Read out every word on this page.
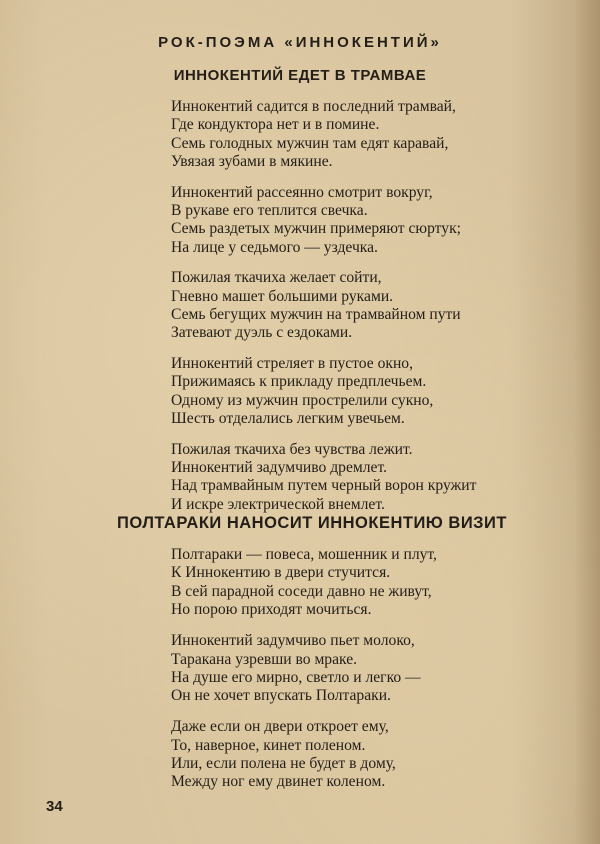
РОК-ПОЭМА «ИННОКЕНТИЙ»
ИННОКЕНТИЙ ЕДЕТ В ТРАМВАЕ
Иннокентий садится в последний трамвай,
Где кондуктора нет и в помине.
Семь голодных мужчин там едят каравай,
Увязая зубами в мякине.
Иннокентий рассеянно смотрит вокруг,
В рукаве его теплится свечка.
Семь раздетых мужчин примеряют сюртук;
На лице у седьмого — уздечка.
Пожилая ткачиха желает сойти,
Гневно машет большими руками.
Семь бегущих мужчин на трамвайном пути
Затевают дуэль с ездоками.
Иннокентий стреляет в пустое окно,
Прижимаясь к прикладу предплечьем.
Одному из мужчин прострелили сукно,
Шесть отделались легким увечьем.
Пожилая ткачиха без чувства лежит.
Иннокентий задумчиво дремлет.
Над трамвайным путем черный ворон кружит
И искре электрической внемлет.
ПОЛТАРАКИ НАНОСИТ ИННОКЕНТИЮ ВИЗИТ
Полтараки — повеса, мошенник и плут,
К Иннокентию в двери стучится.
В сей парадной соседи давно не живут,
Но порою приходят мочиться.
Иннокентий задумчиво пьет молоко,
Таракана узревши во мраке.
На душе его мирно, светло и легко —
Он не хочет впускать Полтараки.
Даже если он двери откроет ему,
То, наверное, кинет поленом.
Или, если полена не будет в дому,
Между ног ему двинет коленом.

34
